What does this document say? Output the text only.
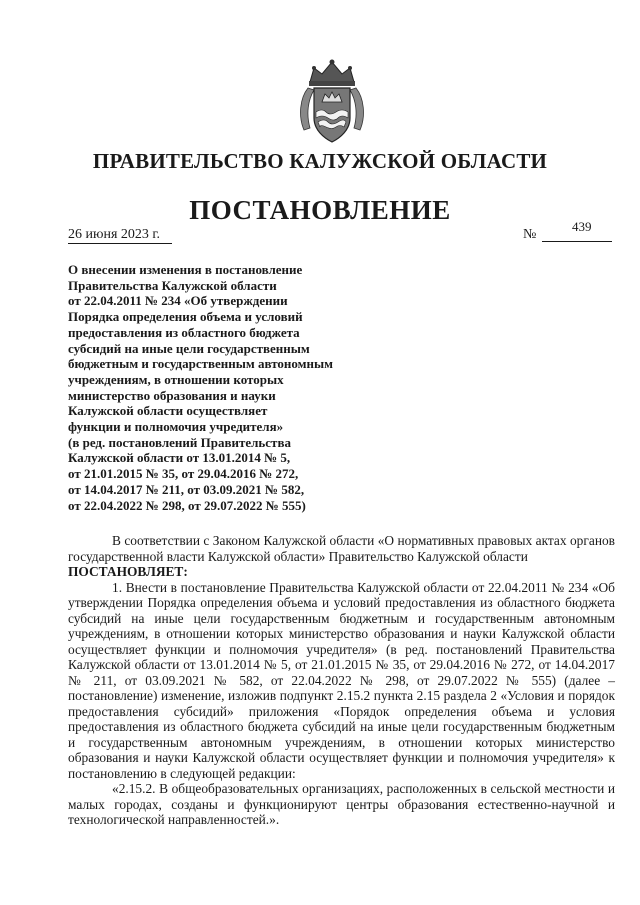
ПРАВИТЕЛЬСТВО КАЛУЖСКОЙ ОБЛАСТИ
ПОСТАНОВЛЕНИЕ
26 июня 2023 г.	№
439
О внесении изменения в постановление
Правительства Калужской области
от 22.04.2011 № 234 «Об утверждении
Порядка определения объема и условий
предоставления из областного бюджета
субсидий на иные цели государственным
бюджетным и государственным автономным
учреждениям, в отношении которых
министерство образования и науки
Калужской области осуществляет
функции и полномочия учредителя»
(в ред. постановлений Правительства
Калужской области от 13.01.2014 № 5,
от 21.01.2015 № 35, от 29.04.2016 № 272,
от 14.04.2017 № 211, от 03.09.2021 № 582,
от 22.04.2022 № 298, от 29.07.2022 № 555)

В соответствии с Законом Калужской области «О нормативных правовых актах органов государственной власти Калужской области» Правительство Калужской области

ПОСТАНОВЛЯЕТ:

1. Внести в постановление Правительства Калужской области от 22.04.2011 № 234 «Об утверждении Порядка определения объема и условий предоставления из областного бюджета субсидий на иные цели государственным бюджетным и государственным автономным учреждениям, в отношении которых министерство образования и науки Калужской области осуществляет функции и полномочия учредителя» (в ред. постановлений Правительства Калужской области от 13.01.2014 № 5, от 21.01.2015 № 35, от 29.04.2016 № 272, от 14.04.2017 № 211, от 03.09.2021 № 582, от 22.04.2022 № 298, от 29.07.2022 № 555) (далее – постановление) изменение, изложив подпункт 2.15.2 пункта 2.15 раздела 2 «Условия и порядок предоставления субсидий» приложения «Порядок определения объема и условия предоставления из областного бюджета субсидий на иные цели государственным бюджетным и государственным автономным учреждениям, в отношении которых министерство образования и науки Калужской области осуществляет функции и полномочия учредителя» к постановлению в следующей редакции:

«2.15.2. В общеобразовательных организациях, расположенных в сельской местности и малых городах, созданы и функционируют центры образования естественно-научной и технологической направленностей.».
